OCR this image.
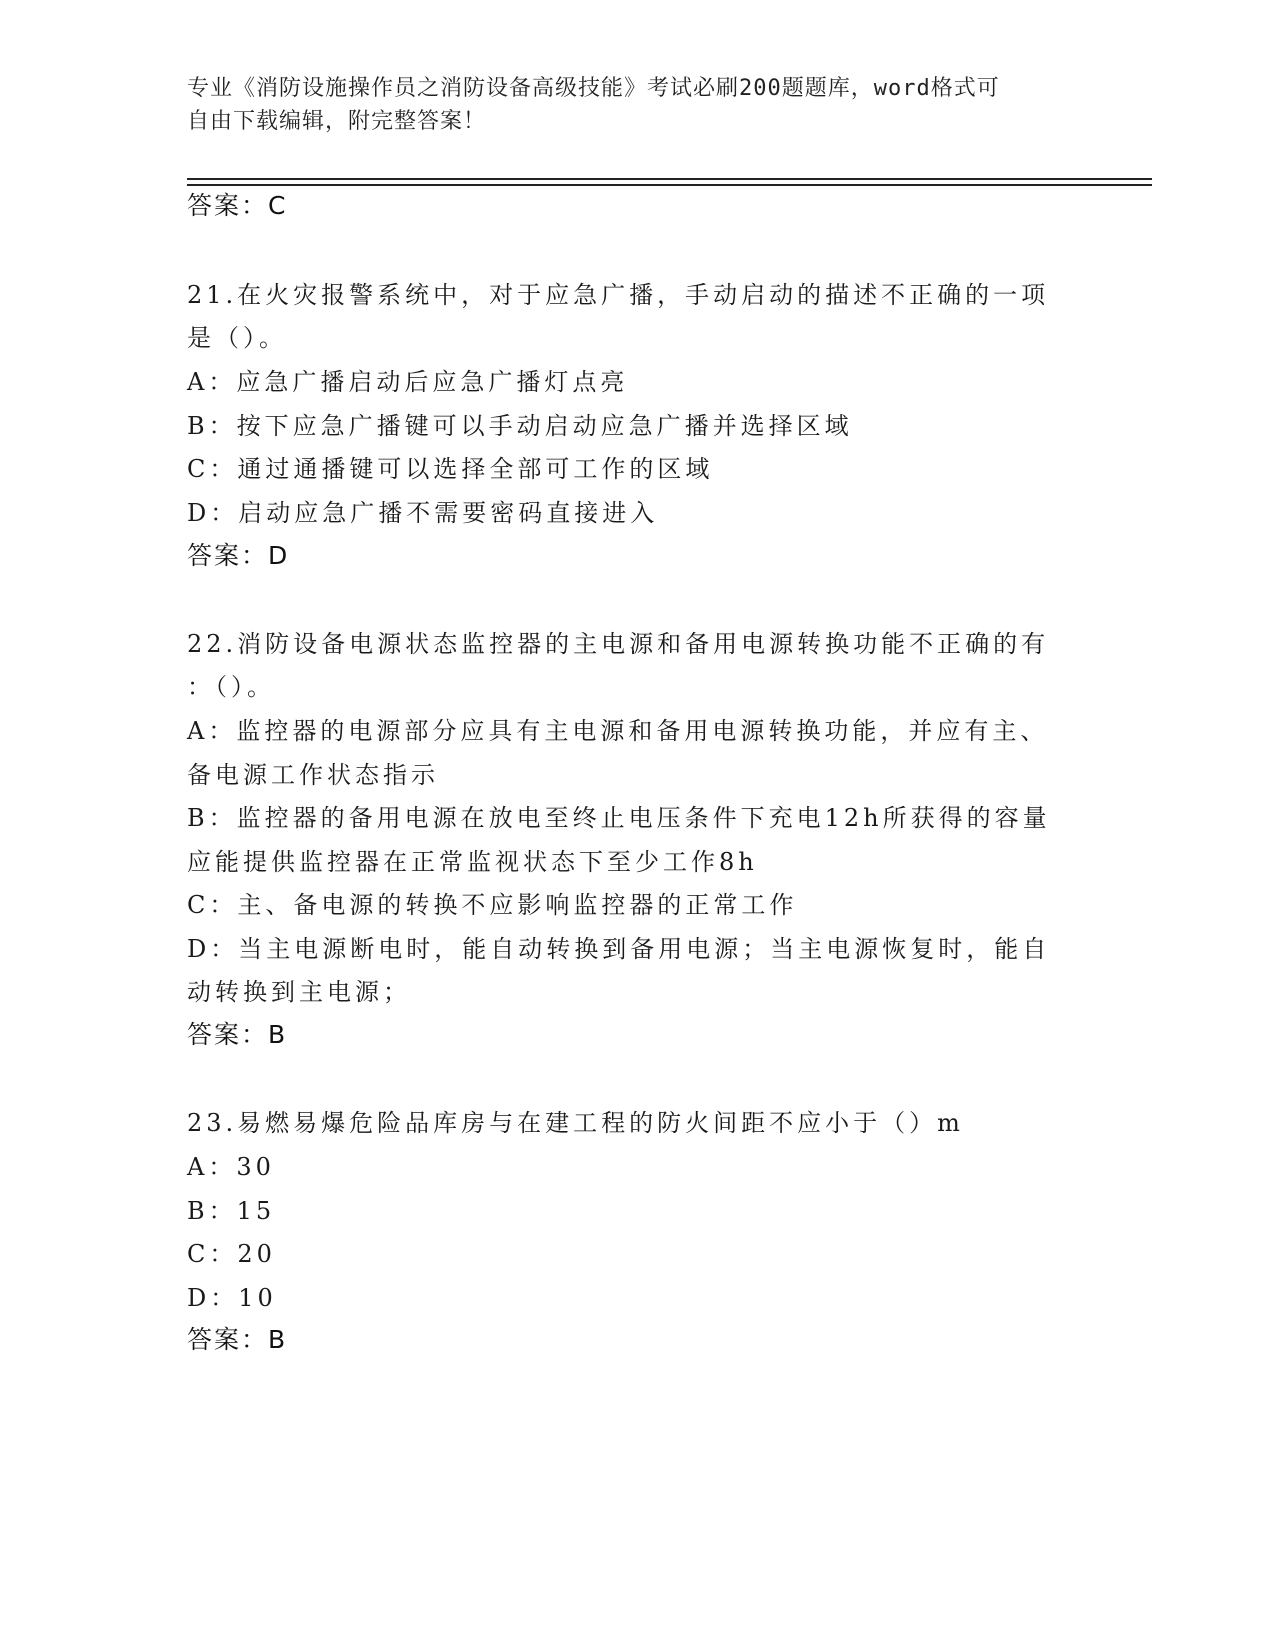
专业《消防设施操作员之消防设备高级技能》考试必刷200题题库，word格式可
自由下载编辑，附完整答案！
答案：C
21.在火灾报警系统中，对于应急广播，手动启动的描述不正确的一项
是（）。
A：应急广播启动后应急广播灯点亮
B：按下应急广播键可以手动启动应急广播并选择区域
C：通过通播键可以选择全部可工作的区域
D：启动应急广播不需要密码直接进入
答案：D
22.消防设备电源状态监控器的主电源和备用电源转换功能不正确的有
：（）。
A：监控器的电源部分应具有主电源和备用电源转换功能，并应有主、
备电源工作状态指示
B：监控器的备用电源在放电至终止电压条件下充电12h所获得的容量
应能提供监控器在正常监视状态下至少工作8h
C：主、备电源的转换不应影响监控器的正常工作
D：当主电源断电时，能自动转换到备用电源；当主电源恢复时，能自
动转换到主电源；
答案：B
23.易燃易爆危险品库房与在建工程的防火间距不应小于（）m
A：30
B：15
C：20
D：10
答案：B
